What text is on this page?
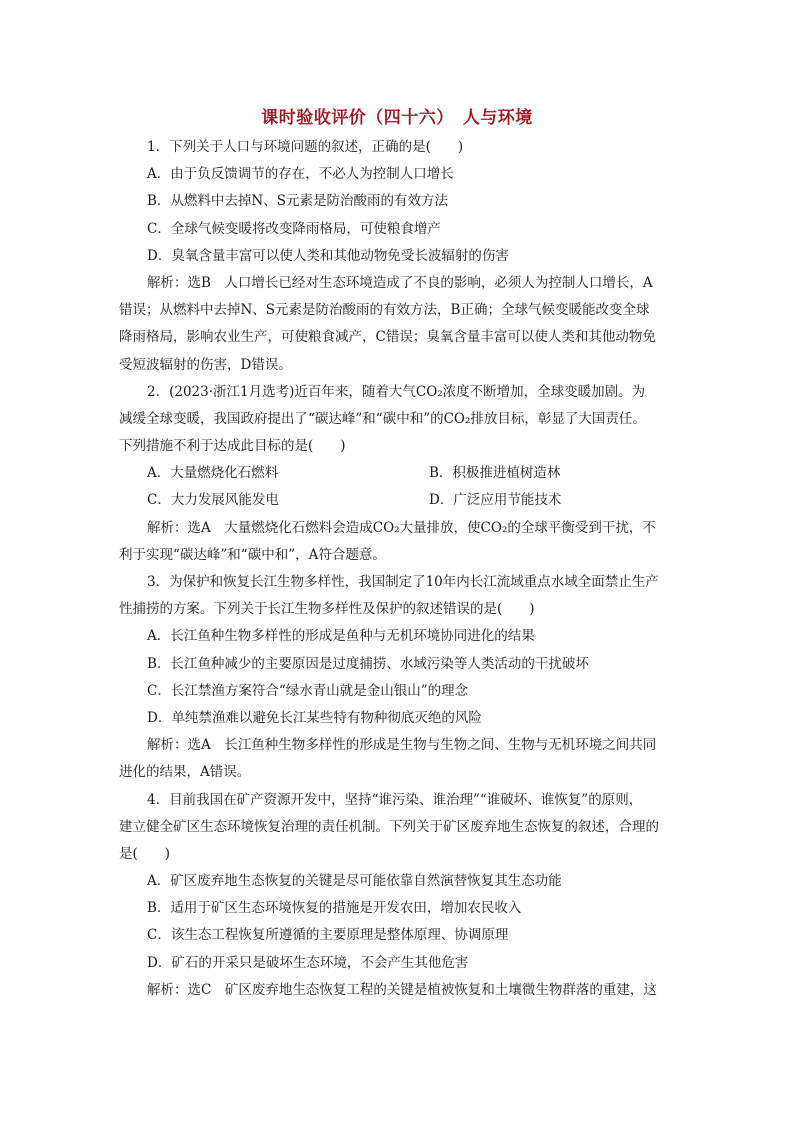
课时验收评价（四十六）　人与环境
1．下列关于人口与环境问题的叙述，正确的是(　　)
A．由于负反馈调节的存在，不必人为控制人口增长
B．从燃料中去掉N、S元素是防治酸雨的有效方法
C．全球气候变暖将改变降雨格局，可使粮食增产
D．臭氧含量丰富可以使人类和其他动物免受长波辐射的伤害
解析：选B　人口增长已经对生态环境造成了不良的影响，必须人为控制人口增长，A
错误；从燃料中去掉N、S元素是防治酸雨的有效方法，B正确；全球气候变暖能改变全球
降雨格局，影响农业生产，可使粮食减产，C错误；臭氧含量丰富可以使人类和其他动物免
受短波辐射的伤害，D错误。
2．(2023·浙江1月选考)近百年来，随着大气CO₂浓度不断增加，全球变暖加剧。为
减缓全球变暖，我国政府提出了“碳达峰”和“碳中和”的CO₂排放目标，彰显了大国责任。
下列措施不利于达成此目标的是(　　)
A．大量燃烧化石燃料	B．积极推进植树造林
C．大力发展风能发电	D．广泛应用节能技术
解析：选A　大量燃烧化石燃料会造成CO₂大量排放，使CO₂的全球平衡受到干扰，不
利于实现“碳达峰”和“碳中和”，A符合题意。
3．为保护和恢复长江生物多样性，我国制定了10年内长江流域重点水域全面禁止生产
性捕捞的方案。下列关于长江生物多样性及保护的叙述错误的是(　　)
A．长江鱼种生物多样性的形成是鱼种与无机环境协同进化的结果
B．长江鱼种减少的主要原因是过度捕捞、水域污染等人类活动的干扰破坏
C．长江禁渔方案符合“绿水青山就是金山银山”的理念
D．单纯禁渔难以避免长江某些特有物种彻底灭绝的风险
解析：选A　长江鱼种生物多样性的形成是生物与生物之间、生物与无机环境之间共同
进化的结果，A错误。
4．目前我国在矿产资源开发中，坚持“谁污染、谁治理”“谁破坏、谁恢复”的原则，
建立健全矿区生态环境恢复治理的责任机制。下列关于矿区废弃地生态恢复的叙述，合理的
是(　　)
A．矿区废弃地生态恢复的关键是尽可能依靠自然演替恢复其生态功能
B．适用于矿区生态环境恢复的措施是开发农田，增加农民收入
C．该生态工程恢复所遵循的主要原理是整体原理、协调原理
D．矿石的开采只是破坏生态环境，不会产生其他危害
解析：选C　矿区废弃地生态恢复工程的关键是植被恢复和土壤微生物群落的重建，这
